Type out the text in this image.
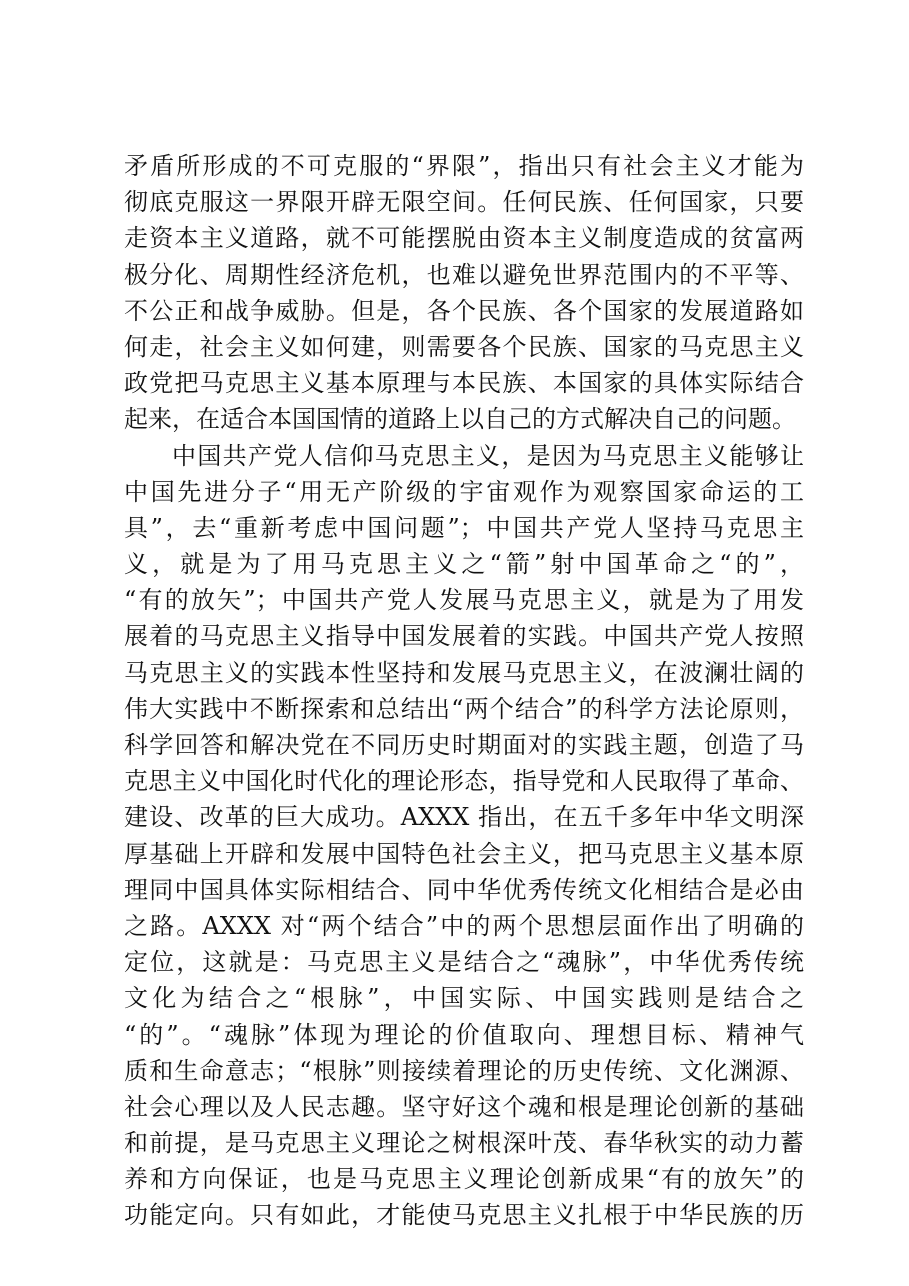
矛盾所形成的不可克服的“界限”，指出只有社会主义才能为
彻底克服这一界限开辟无限空间。任何民族、任何国家，只要
走资本主义道路，就不可能摆脱由资本主义制度造成的贫富两
极分化、周期性经济危机，也难以避免世界范围内的不平等、
不公正和战争威胁。但是，各个民族、各个国家的发展道路如
何走，社会主义如何建，则需要各个民族、国家的马克思主义
政党把马克思主义基本原理与本民族、本国家的具体实际结合
起来，在适合本国国情的道路上以自己的方式解决自己的问题。
中国共产党人信仰马克思主义，是因为马克思主义能够让
中国先进分子“用无产阶级的宇宙观作为观察国家命运的工
具”，去“重新考虑中国问题”；中国共产党人坚持马克思主
义，就是为了用马克思主义之“箭”射中国革命之“的”，
“有的放矢”；中国共产党人发展马克思主义，就是为了用发
展着的马克思主义指导中国发展着的实践。中国共产党人按照
马克思主义的实践本性坚持和发展马克思主义，在波澜壮阔的
伟大实践中不断探索和总结出“两个结合”的科学方法论原则，
科学回答和解决党在不同历史时期面对的实践主题，创造了马
克思主义中国化时代化的理论形态，指导党和人民取得了革命、
建设、改革的巨大成功。AXXX 指出，在五千多年中华文明深
厚基础上开辟和发展中国特色社会主义，把马克思主义基本原
理同中国具体实际相结合、同中华优秀传统文化相结合是必由
之路。AXXX 对“两个结合”中的两个思想层面作出了明确的
定位，这就是：马克思主义是结合之“魂脉”，中华优秀传统
文化为结合之“根脉”，中国实际、中国实践则是结合之
“的”。“魂脉”体现为理论的价值取向、理想目标、精神气
质和生命意志；“根脉”则接续着理论的历史传统、文化渊源、
社会心理以及人民志趣。坚守好这个魂和根是理论创新的基础
和前提，是马克思主义理论之树根深叶茂、春华秋实的动力蓄
养和方向保证，也是马克思主义理论创新成果“有的放矢”的
功能定向。只有如此，才能使马克思主义扎根于中华民族的历
